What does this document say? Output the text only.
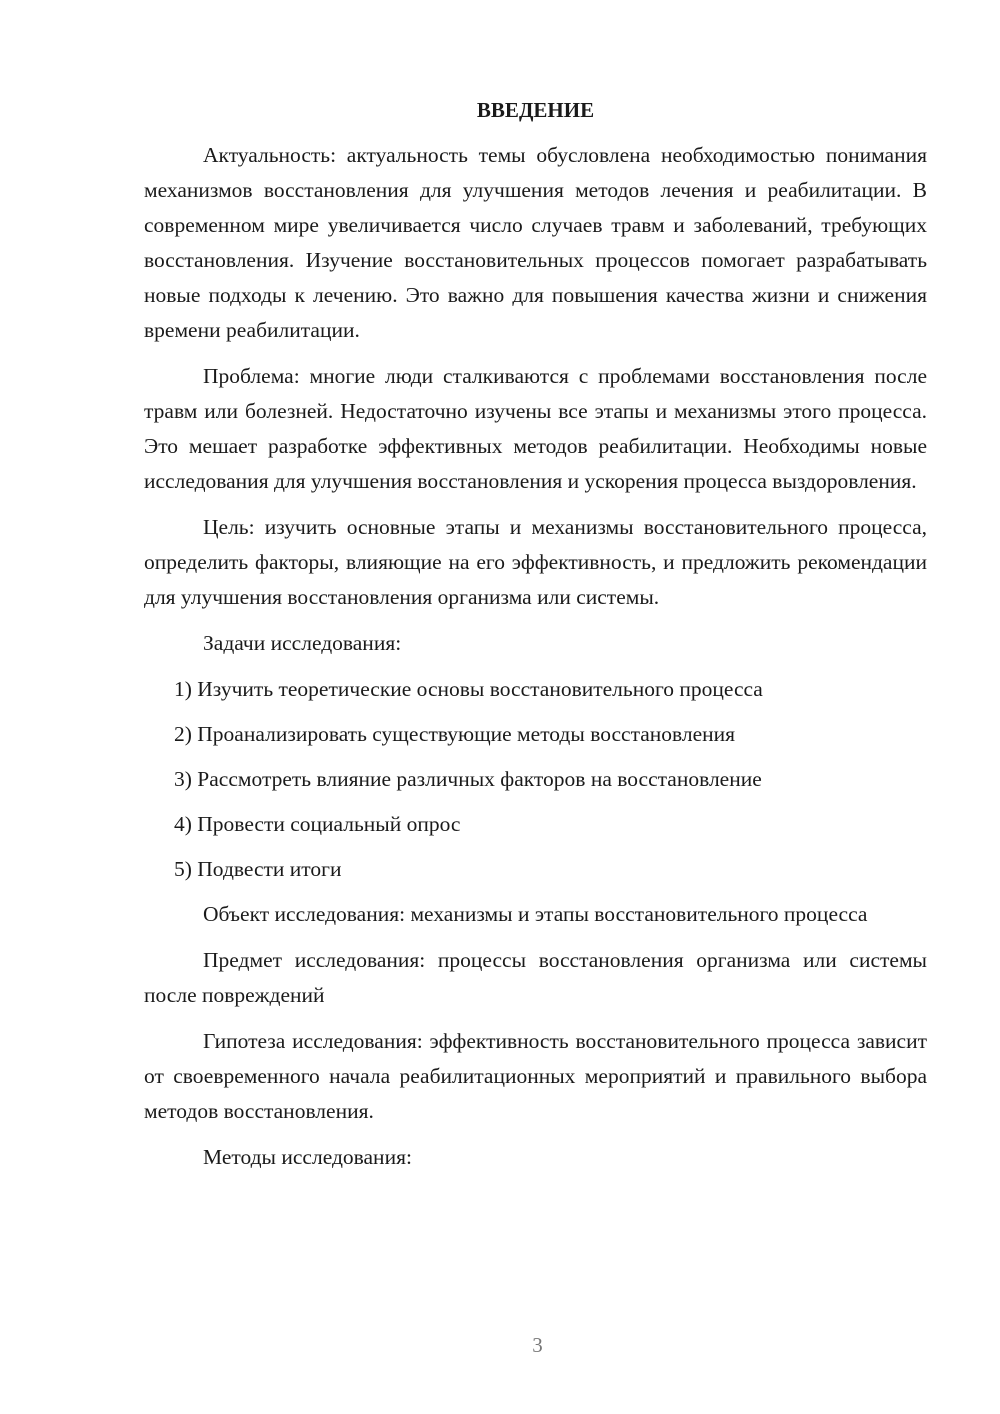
ВВЕДЕНИЕ

Актуальность: актуальность темы обусловлена необходимостью понимания механизмов восстановления для улучшения методов лечения и реабилитации. В современном мире увеличивается число случаев травм и заболеваний, требующих восстановления. Изучение восстановительных процессов помогает разрабатывать новые подходы к лечению. Это важно для повышения качества жизни и снижения времени реабилитации.

Проблема: многие люди сталкиваются с проблемами восстановления после травм или болезней. Недостаточно изучены все этапы и механизмы этого процесса. Это мешает разработке эффективных методов реабилитации. Необходимы новые исследования для улучшения восстановления и ускорения процесса выздоровления.

Цель: изучить основные этапы и механизмы восстановительного процесса, определить факторы, влияющие на его эффективность, и предложить рекомендации для улучшения восстановления организма или системы.

Задачи исследования:

1) Изучить теоретические основы восстановительного процесса
2) Проанализировать существующие методы восстановления
3) Рассмотреть влияние различных факторов на восстановление
4) Провести социальный опрос
5) Подвести итоги

Объект исследования: механизмы и этапы восстановительного процесса

Предмет исследования: процессы восстановления организма или системы после повреждений

Гипотеза исследования: эффективность восстановительного процесса зависит от своевременного начала реабилитационных мероприятий и правильного выбора методов восстановления.

Методы исследования:

3
